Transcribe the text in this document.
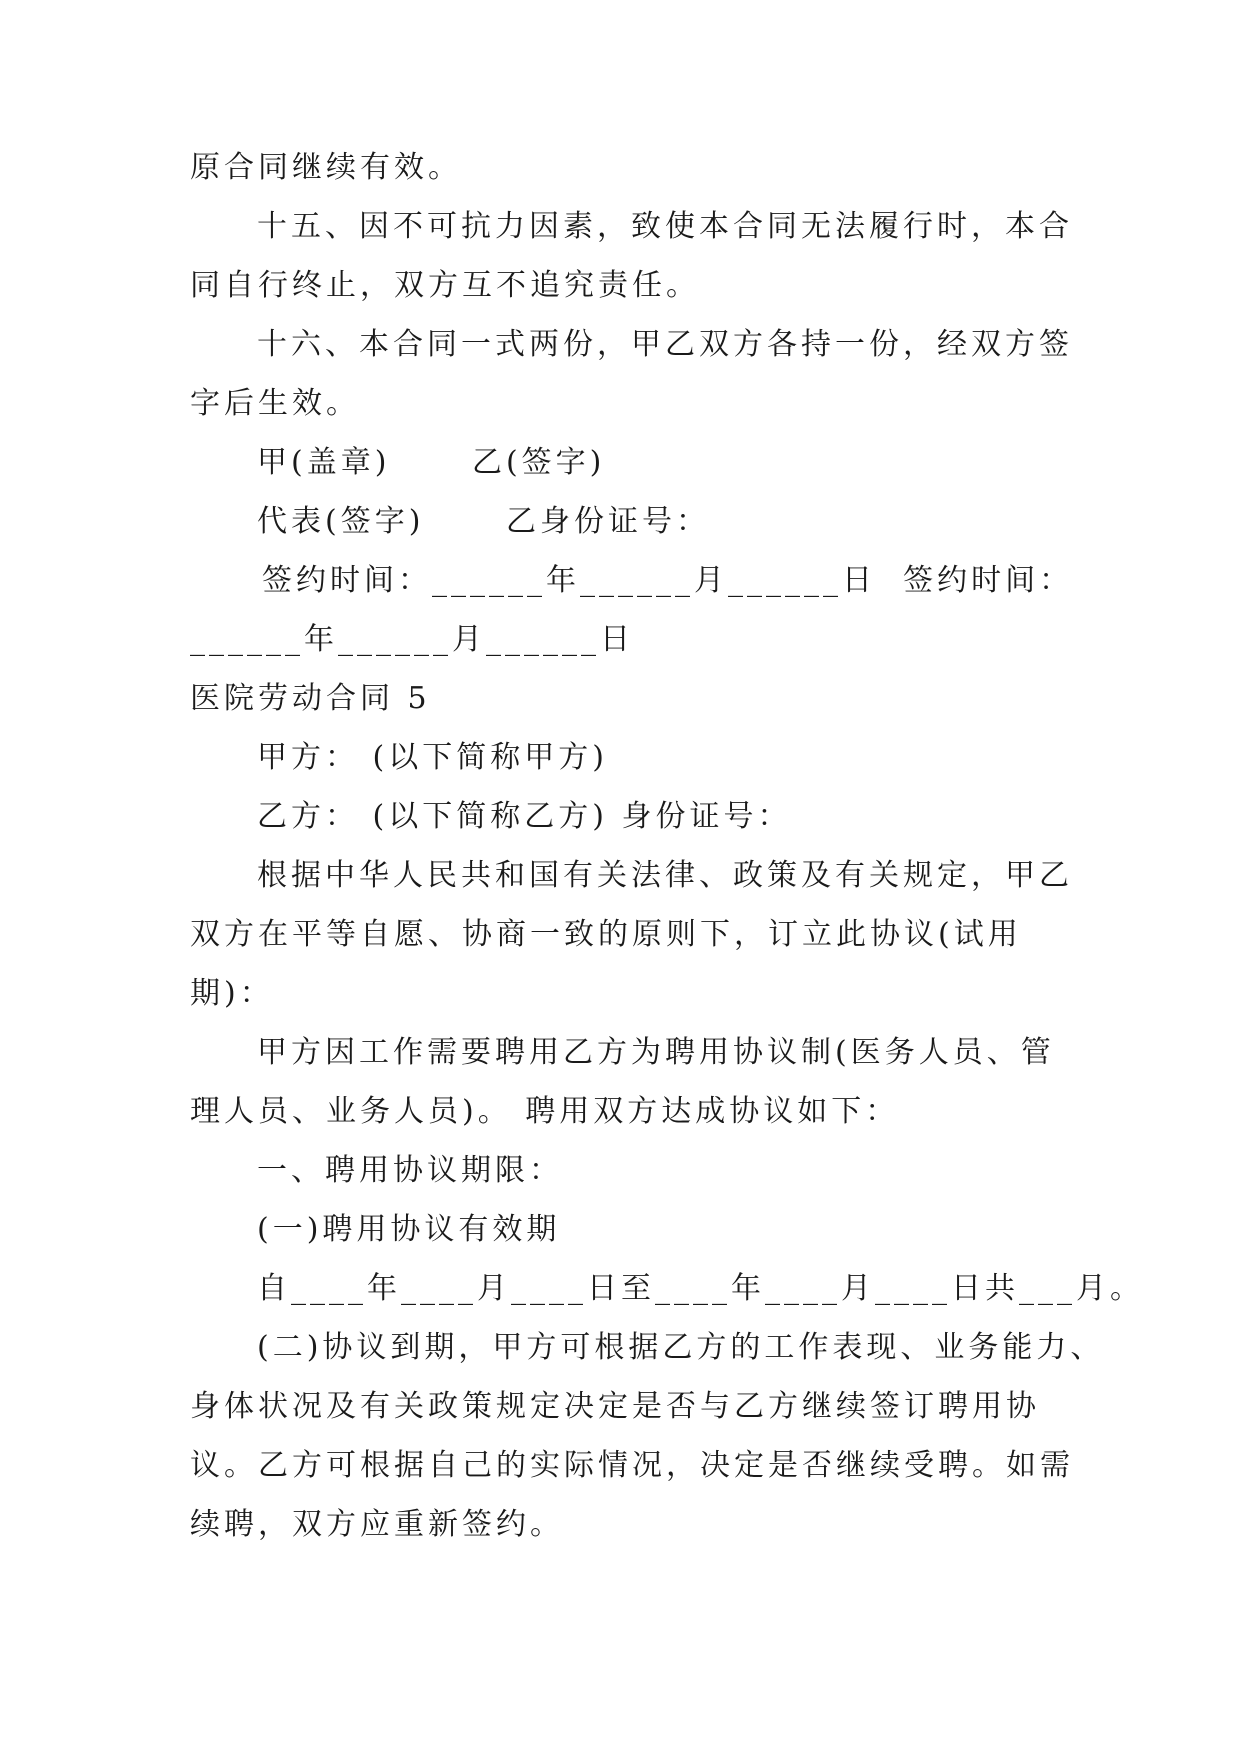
原合同继续有效。
十五、因不可抗力因素，致使本合同无法履行时，本合
同自行终止，双方互不追究责任。
十六、本合同一式两份，甲乙双方各持一份，经双方签
字后生效。
甲(盖章)　　 乙(签字)
代表(签字)　　 乙身份证号：
签约时间：______年______月______日  签约时间：
______年______月______日
医院劳动合同 5
甲方： (以下简称甲方)
乙方： (以下简称乙方) 身份证号：
根据中华人民共和国有关法律、政策及有关规定，甲乙
双方在平等自愿、协商一致的原则下，订立此协议(试用
期)：
甲方因工作需要聘用乙方为聘用协议制(医务人员、管
理人员、业务人员)。 聘用双方达成协议如下：
一、聘用协议期限：
(一)聘用协议有效期
自____年____月____日至____年____月____日共___月。
(二)协议到期，甲方可根据乙方的工作表现、业务能力、
身体状况及有关政策规定决定是否与乙方继续签订聘用协
议。乙方可根据自己的实际情况，决定是否继续受聘。如需
续聘，双方应重新签约。
